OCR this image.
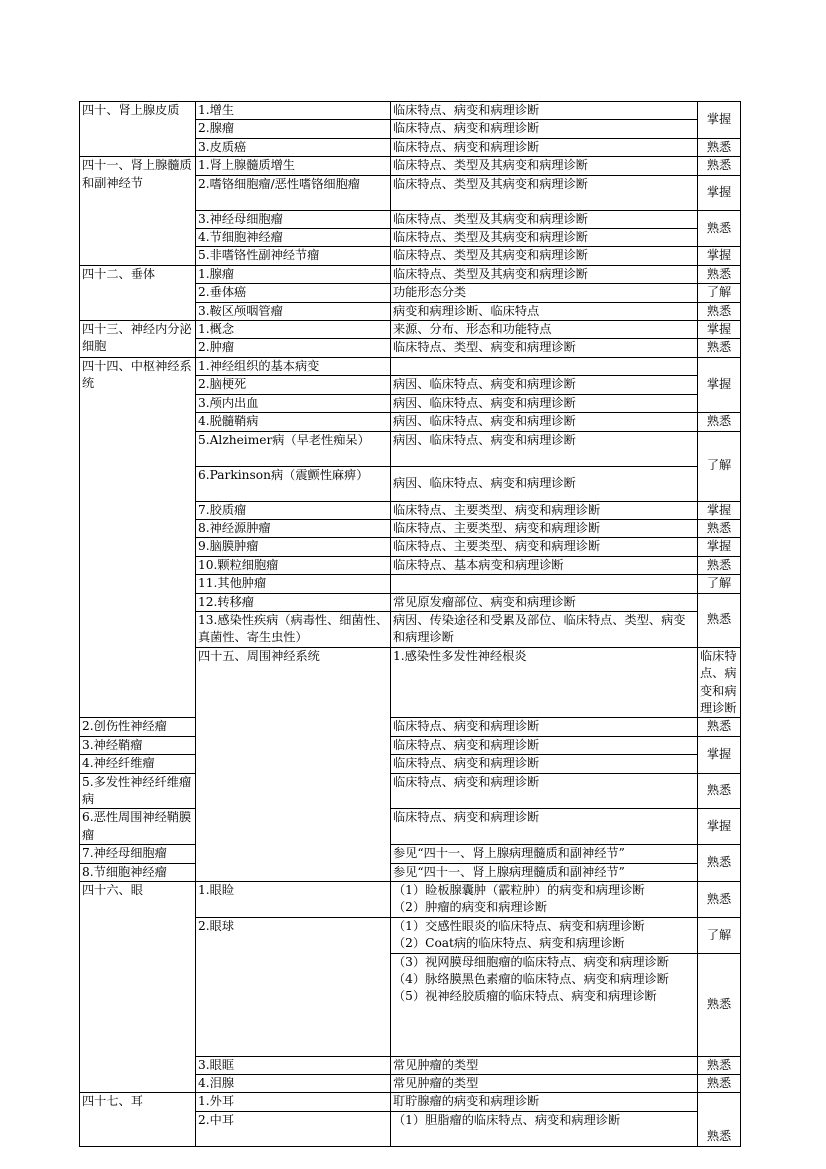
四十、肾上腺皮质	1.增生	临床特点、病变和病理诊断	掌握	
	2.腺瘤	临床特点、病变和病理诊断		
	3.皮质癌	临床特点、病变和病理诊断	熟悉	
四十一、肾上腺髓质和副神经节	1.肾上腺髓质增生	临床特点、类型及其病变和病理诊断	熟悉	
	2.嗜铬细胞瘤/恶性嗜铬细胞瘤	临床特点、类型及其病变和病理诊断	掌握	
	3.神经母细胞瘤	临床特点、类型及其病变和病理诊断	熟悉	
	4.节细胞神经瘤	临床特点、类型及其病变和病理诊断		
	5.非嗜铬性副神经节瘤	临床特点、类型及其病变和病理诊断	掌握	
四十二、垂体	1.腺瘤	临床特点、类型及其病变和病理诊断	熟悉	
	2.垂体癌	功能形态分类	了解	
	3.鞍区颅咽管瘤	病变和病理诊断、临床特点	熟悉	
四十三、神经内分泌细胞	1.概念	来源、分布、形态和功能特点	掌握	
	2.肿瘤	临床特点、类型、病变和病理诊断	熟悉	
四十四、中枢神经系统	1.神经组织的基本病变		掌握	
	2.脑梗死	病因、临床特点、病变和病理诊断		
	3.颅内出血	病因、临床特点、病变和病理诊断		
	4.脱髓鞘病	病因、临床特点、病变和病理诊断	熟悉	
	5.Alzheimer病（早老性痴呆）	病因、临床特点、病变和病理诊断	了解	
	6.Parkinson病（震颤性麻痹）	病因、临床特点、病变和病理诊断		
	7.胶质瘤	临床特点、主要类型、病变和病理诊断	掌握	
	8.神经源肿瘤	临床特点、主要类型、病变和病理诊断	熟悉	
	9.脑膜肿瘤	临床特点、主要类型、病变和病理诊断	掌握	
	10.颗粒细胞瘤	临床特点、基本病变和病理诊断	熟悉	
	11.其他肿瘤		了解	
	12.转移瘤	常见原发瘤部位、病变和病理诊断	熟悉	
	13.感染性疾病（病毒性、细菌性、真菌性、寄生虫性）	病因、传染途径和受累及部位、临床特点、类型、病变和病理诊断		
	四十五、周围神经系统	1.感染性多发性神经根炎	临床特点、病变和病理诊断	
2.创伤性神经瘤		临床特点、病变和病理诊断	熟悉	
3.神经鞘瘤		临床特点、病变和病理诊断	掌握	
4.神经纤维瘤		临床特点、病变和病理诊断		
5.多发性神经纤维瘤病		临床特点、病变和病理诊断	熟悉	
6.恶性周围神经鞘膜瘤		临床特点、病变和病理诊断	掌握	
7.神经母细胞瘤		参见“四十一、肾上腺病理髓质和副神经节”	熟悉	
8.节细胞神经瘤		参见“四十一、肾上腺病理髓质和副神经节”		
四十六、眼	1.眼睑	（1）睑板腺囊肿（霰粒肿）的病变和病理诊断
（2）肿瘤的病变和病理诊断	熟悉	
	2.眼球	（1）交感性眼炎的临床特点、病变和病理诊断
（2）Coat病的临床特点、病变和病理诊断	了解	

		（3）视网膜母细胞瘤的临床特点、病变和病理诊断
（4）脉络膜黑色素瘤的临床特点、病变和病理诊断
（5）视神经胶质瘤的临床特点、病变和病理诊断	熟悉	
	3.眼眶	常见肿瘤的类型	熟悉	
	4.泪腺	常见肿瘤的类型	熟悉	
四十七、耳	1.外耳	耵聍腺瘤的病变和病理诊断	熟悉	
	2.中耳	（1）胆脂瘤的临床特点、病变和病理诊断		
